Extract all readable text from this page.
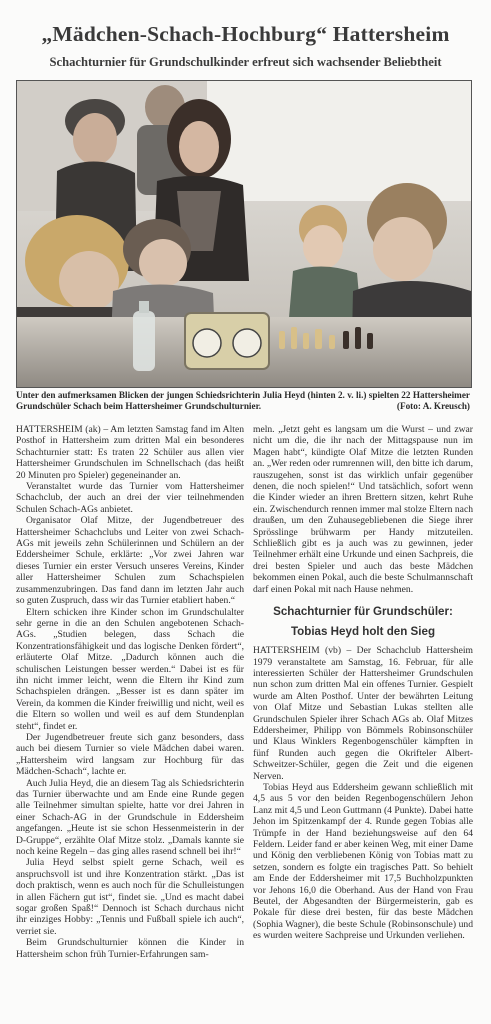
„Mädchen-Schach-Hochburg“ Hattersheim
Schachturnier für Grundschulkinder erfreut sich wachsender Beliebtheit
Unter den aufmerksamen Blicken der jungen Schiedsrichterin Julia Heyd (hinten 2. v. li.) spielten 22 Hattersheimer Grundschüler Schach beim Hattersheimer Grundschulturnier.	(Foto: A. Kreusch)

HATTERSHEIM (ak) – Am letzten Samstag fand im Alten Posthof in Hattersheim zum dritten Mal ein besonderes Schachturnier statt: Es traten 22 Schüler aus allen vier Hattersheimer Grundschulen im Schnellschach (das heißt 20 Minuten pro Spieler) gegeneinander an.

Veranstaltet wurde das Turnier vom Hattersheimer Schachclub, der auch an drei der vier teilnehmenden Schulen Schach-AGs anbietet.

Organisator Olaf Mitze, der Jugendbetreuer des Hattersheimer Schachclubs und Leiter von zwei Schach-AGs mit jeweils zehn Schülerinnen und Schülern an der Eddersheimer Schule, erklärte: „Vor zwei Jahren war dieses Turnier ein erster Versuch unseres Vereins, Kinder aller Hattersheimer Schulen zum Schachspielen zusammenzubringen. Das fand dann im letzten Jahr auch so guten Zuspruch, dass wir das Turnier etabliert haben.“

Eltern schicken ihre Kinder schon im Grundschulalter sehr gerne in die an den Schulen angebotenen Schach-AGs. „Studien belegen, dass Schach die Konzentrationsfähigkeit und das logische Denken fördert“, erläuterte Olaf Mitze. „Dadurch können auch die schulischen Leistungen besser werden.“ Dabei ist es für ihn nicht immer leicht, wenn die Eltern ihr Kind zum Schachspielen drängen. „Besser ist es dann später im Verein, da kommen die Kinder freiwillig und nicht, weil es die Eltern so wollen und weil es auf dem Stundenplan steht“, findet er.

Der Jugendbetreuer freute sich ganz besonders, dass auch bei diesem Turnier so viele Mädchen dabei waren. „Hattersheim wird langsam zur Hochburg für das Mädchen-Schach“, lachte er.

Auch Julia Heyd, die an diesem Tag als Schiedsrichterin das Turnier überwachte und am Ende eine Runde gegen alle Teilnehmer simultan spielte, hatte vor drei Jahren in einer Schach-AG in der Grundschule in Eddersheim angefangen. „Heute ist sie schon Hessenmeisterin in der D-Gruppe“, erzählte Olaf Mitze stolz. „Damals kannte sie noch keine Regeln – das ging alles rasend schnell bei ihr!“

Julia Heyd selbst spielt gerne Schach, weil es anspruchsvoll ist und ihre Konzentration stärkt. „Das ist doch praktisch, wenn es auch noch für die Schulleistungen in allen Fächern gut ist“, findet sie. „Und es macht dabei sogar großen Spaß!“ Dennoch ist Schach durchaus nicht ihr einziges Hobby: „Tennis und Fußball spiele ich auch“, verriet sie.

Beim Grundschulturnier können die Kinder in Hattersheim schon früh Turnier-Erfahrungen sam-

meln. „Jetzt geht es langsam um die Wurst – und zwar nicht um die, die ihr nach der Mittagspause nun im Magen habt“, kündigte Olaf Mitze die letzten Runden an. „Wer reden oder rumrennen will, den bitte ich darum, rauszugehen, sonst ist das wirklich unfair gegenüber denen, die noch spielen!“ Und tatsächlich, sofort wenn die Kinder wieder an ihren Brettern sitzen, kehrt Ruhe ein. Zwischendurch rennen immer mal stolze Eltern nach draußen, um den Zuhausegebliebenen die Siege ihrer Sprösslinge brühwarm per Handy mitzuteilen. Schließlich gibt es ja auch was zu gewinnen, jeder Teilnehmer erhält eine Urkunde und einen Sachpreis, die drei besten Spieler und auch das beste Mädchen bekommen einen Pokal, auch die beste Schulmannschaft darf einen Pokal mit nach Hause nehmen.

Schachturnier für Grundschüler:
Tobias Heyd holt den Sieg

HATTERSHEIM (vb) – Der Schachclub Hattersheim 1979 veranstaltete am Samstag, 16. Februar, für alle interessierten Schüler der Hattersheimer Grundschulen nun schon zum dritten Mal ein offenes Turnier. Gespielt wurde am Alten Posthof. Unter der bewährten Leitung von Olaf Mitze und Sebastian Lukas stellten alle Grundschulen Spieler ihrer Schach AGs ab. Olaf Mitzes Eddersheimer, Philipp von Bömmels Robinsonschüler und Klaus Winklers Regenbogenschüler kämpften in fünf Runden auch gegen die Okrifteler Albert-Schweitzer-Schüler, gegen die Zeit und die eigenen Nerven.

Tobias Heyd aus Eddersheim gewann schließlich mit 4,5 aus 5 vor den beiden Regenbogenschülern Jehon Lanz mit 4,5 und Leon Guttmann (4 Punkte). Dabei hatte Jehon im Spitzenkampf der 4. Runde gegen Tobias alle Trümpfe in der Hand beziehungsweise auf den 64 Feldern. Leider fand er aber keinen Weg, mit einer Dame und König den verbliebenen König von Tobias matt zu setzen, sondern es folgte ein tragisches Patt. So behielt am Ende der Eddersheimer mit 17,5 Buchholzpunkten vor Jehons 16,0 die Oberhand. Aus der Hand von Frau Beutel, der Abgesandten der Bürgermeisterin, gab es Pokale für diese drei besten, für das beste Mädchen (Sophia Wagner), die beste Schule (Robinsonschule) und es wurden weitere Sachpreise und Urkunden verliehen.
